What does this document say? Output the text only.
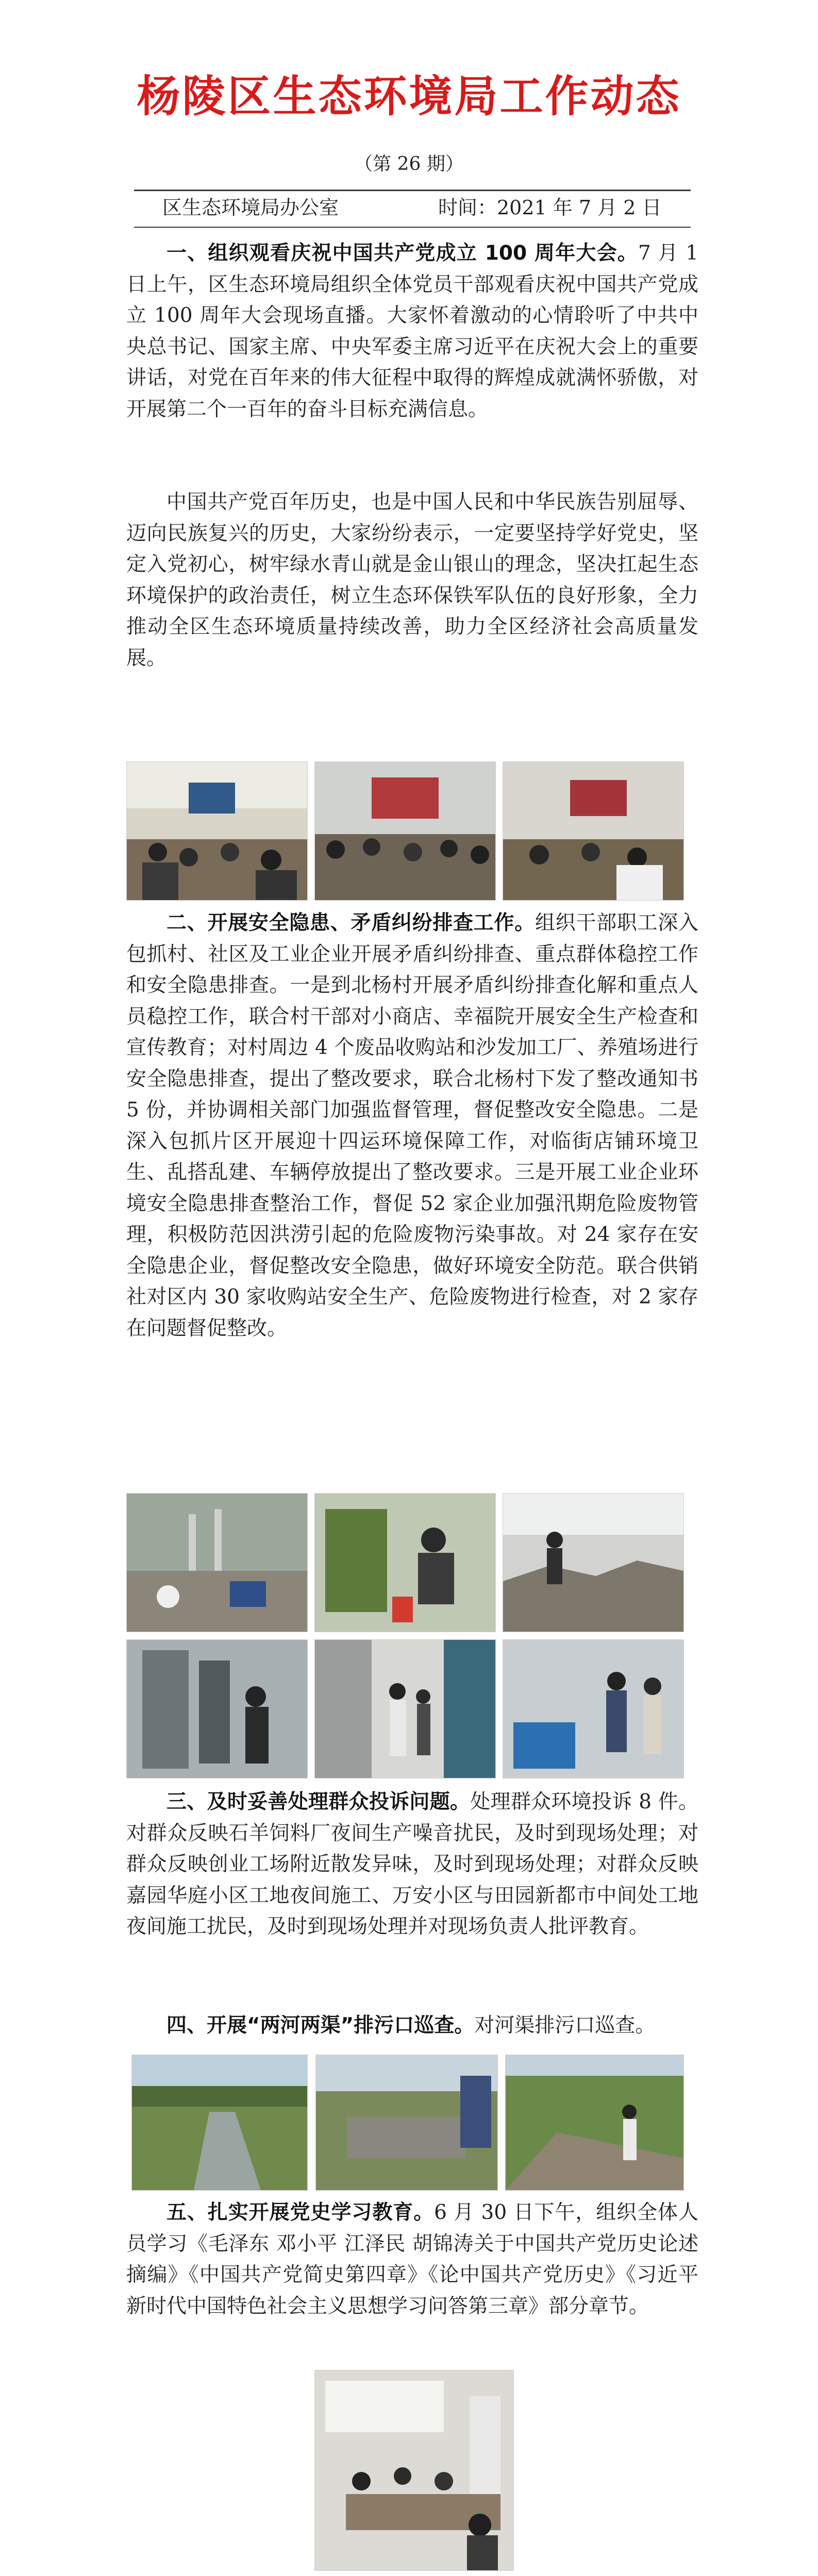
杨陵区生态环境局工作动态
（第 26 期）
区生态环境局办公室	时间：2021 年 7 月 2 日
一、组织观看庆祝中国共产党成立 100 周年大会。7 月 1 日上午，区生态环境局组织全体党员干部观看庆祝中国共产党成立 100 周年大会现场直播。大家怀着激动的心情聆听了中共中央总书记、国家主席、中央军委主席习近平在庆祝大会上的重要讲话，对党在百年来的伟大征程中取得的辉煌成就满怀骄傲，对开展第二个一百年的奋斗目标充满信息。
中国共产党百年历史，也是中国人民和中华民族告别屈辱、迈向民族复兴的历史，大家纷纷表示，一定要坚持学好党史，坚定入党初心，树牢绿水青山就是金山银山的理念，坚决扛起生态环境保护的政治责任，树立生态环保铁军队伍的良好形象，全力推动全区生态环境质量持续改善，助力全区经济社会高质量发展。
二、开展安全隐患、矛盾纠纷排查工作。组织干部职工深入包抓村、社区及工业企业开展矛盾纠纷排查、重点群体稳控工作和安全隐患排查。一是到北杨村开展矛盾纠纷排查化解和重点人员稳控工作，联合村干部对小商店、幸福院开展安全生产检查和宣传教育；对村周边 4 个废品收购站和沙发加工厂、养殖场进行安全隐患排查，提出了整改要求，联合北杨村下发了整改通知书 5 份，并协调相关部门加强监督管理，督促整改安全隐患。二是深入包抓片区开展迎十四运环境保障工作，对临街店铺环境卫生、乱搭乱建、车辆停放提出了整改要求。三是开展工业企业环境安全隐患排查整治工作，督促 52 家企业加强汛期危险废物管理，积极防范因洪涝引起的危险废物污染事故。对 24 家存在安全隐患企业，督促整改安全隐患，做好环境安全防范。联合供销社对区内 30 家收购站安全生产、危险废物进行检查，对 2 家存在问题督促整改。
三、及时妥善处理群众投诉问题。处理群众环境投诉 8 件。对群众反映石羊饲料厂夜间生产噪音扰民，及时到现场处理；对群众反映创业工场附近散发异味，及时到现场处理；对群众反映嘉园华庭小区工地夜间施工、万安小区与田园新都市中间处工地夜间施工扰民，及时到现场处理并对现场负责人批评教育。
四、开展“两河两渠”排污口巡查。对河渠排污口巡查。
五、扎实开展党史学习教育。6 月 30 日下午，组织全体人员学习《毛泽东 邓小平 江泽民 胡锦涛关于中国共产党历史论述摘编》《中国共产党简史第四章》《论中国共产党历史》《习近平新时代中国特色社会主义思想学习问答第三章》部分章节。
